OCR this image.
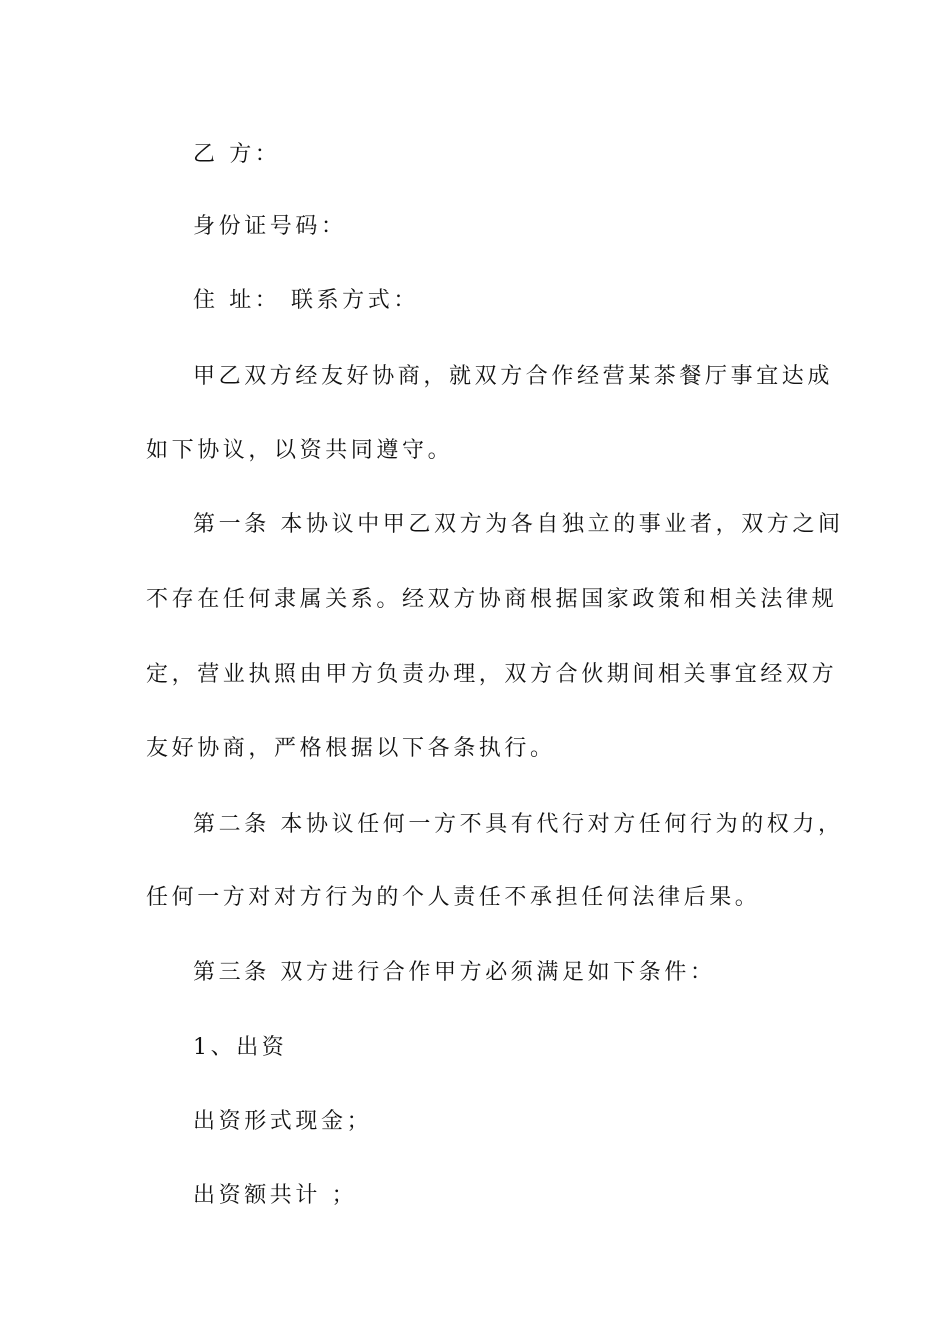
乙 方：
身份证号码：
住 址： 联系方式：
甲乙双方经友好协商，就双方合作经营某茶餐厅事宜达成
如下协议，以资共同遵守。
第一条 本协议中甲乙双方为各自独立的事业者，双方之间
不存在任何隶属关系。经双方协商根据国家政策和相关法律规
定，营业执照由甲方负责办理，双方合伙期间相关事宜经双方
友好协商，严格根据以下各条执行。
第二条 本协议任何一方不具有代行对方任何行为的权力，
任何一方对对方行为的个人责任不承担任何法律后果。
第三条 双方进行合作甲方必须满足如下条件：
1、出资
出资形式现金；
出资额共计 ；
